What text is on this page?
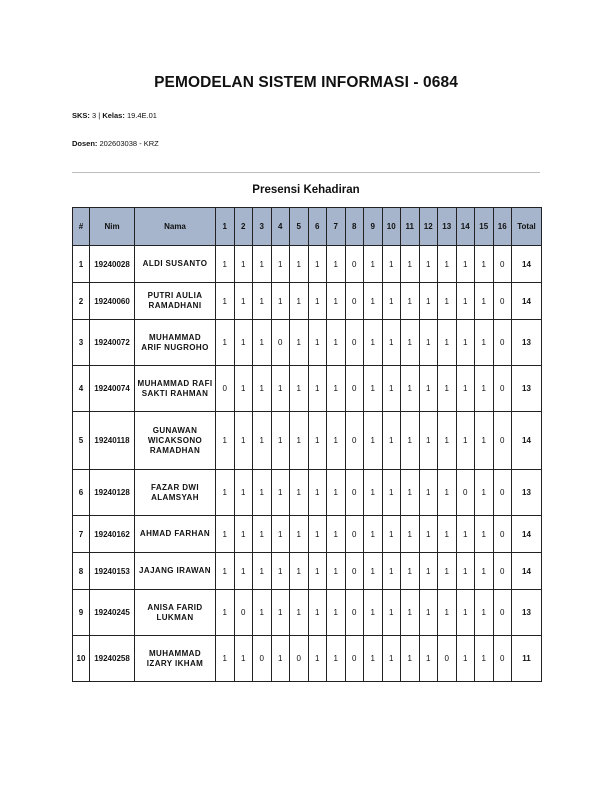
PEMODELAN SISTEM INFORMASI - 0684
SKS: 3 | Kelas: 19.4E.01
Dosen: 202603038 - KRZ
Presensi Kehadiran
#	Nim	Nama	1	2	3	4	5	6	7	8	9	10	11	12	13	14	15	16	Total
1	19240028	ALDI SUSANTO	1	1	1	1	1	1	1	0	1	1	1	1	1	1	1	0	14
2	19240060	PUTRI AULIA
RAMADHANI	1	1	1	1	1	1	1	0	1	1	1	1	1	1	1	0	14
3	19240072	MUHAMMAD
ARIF NUGROHO	1	1	1	0	1	1	1	0	1	1	1	1	1	1	1	0	13
4	19240074	MUHAMMAD RAFI
SAKTI RAHMAN	0	1	1	1	1	1	1	0	1	1	1	1	1	1	1	0	13
5	19240118	GUNAWAN
WICAKSONO
RAMADHAN	1	1	1	1	1	1	1	0	1	1	1	1	1	1	1	0	14
6	19240128	FAZAR DWI
ALAMSYAH	1	1	1	1	1	1	1	0	1	1	1	1	1	0	1	0	13
7	19240162	AHMAD FARHAN	1	1	1	1	1	1	1	0	1	1	1	1	1	1	1	0	14
8	19240153	JAJANG IRAWAN	1	1	1	1	1	1	1	0	1	1	1	1	1	1	1	0	14
9	19240245	ANISA FARID
LUKMAN	1	0	1	1	1	1	1	0	1	1	1	1	1	1	1	0	13
10	19240258	MUHAMMAD
IZARY IKHAM	1	1	0	1	0	1	1	0	1	1	1	1	0	1	1	0	11
